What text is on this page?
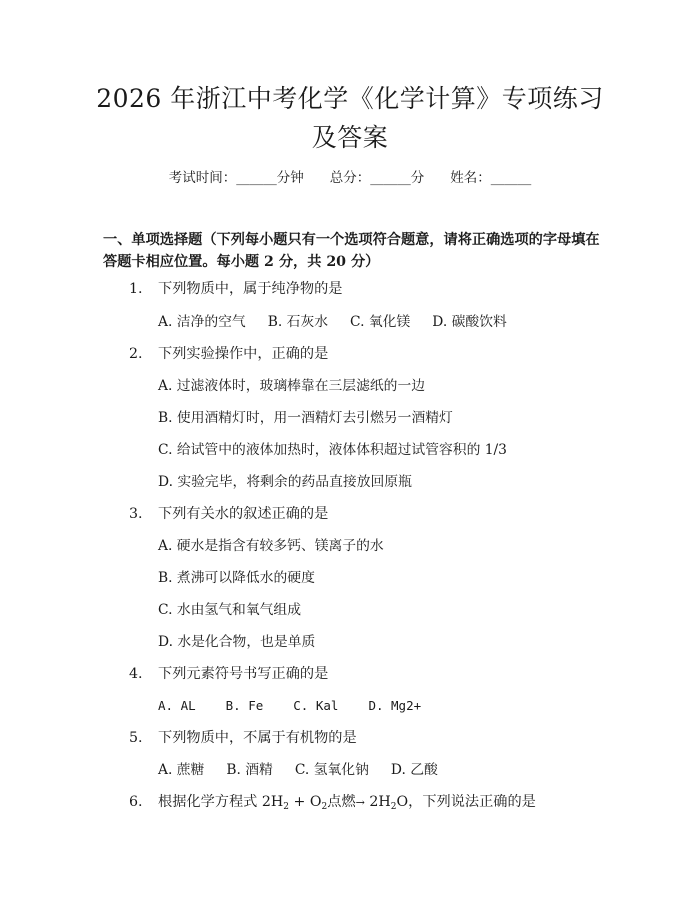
2026 年浙江中考化学《化学计算》专项练习
及答案
考试时间：______分钟 总分：______分 姓名：______
一、单项选择题（下列每小题只有一个选项符合题意，请将正确选项的字母填在
答题卡相应位置。每小题 2 分，共 20 分）
1. 下列物质中，属于纯净物的是
A. 洁净的空气 B. 石灰水 C. 氧化镁 D. 碳酸饮料
2. 下列实验操作中，正确的是
A. 过滤液体时，玻璃棒靠在三层滤纸的一边
B. 使用酒精灯时，用一酒精灯去引燃另一酒精灯
C. 给试管中的液体加热时，液体体积超过试管容积的 1/3
D. 实验完毕，将剩余的药品直接放回原瓶
3. 下列有关水的叙述正确的是
A. 硬水是指含有较多钙、镁离子的水
B. 煮沸可以降低水的硬度
C. 水由氢气和氧气组成
D. 水是化合物，也是单质
4. 下列元素符号书写正确的是
A. AL B. Fe C. Kal D. Mg2+
5. 下列物质中，不属于有机物的是
A. 蔗糖 B. 酒精 C. 氢氧化钠 D. 乙酸
6. 根据化学方程式 $2H_2 + O_2$点燃→ $2H_2O$，下列说法正确的是
